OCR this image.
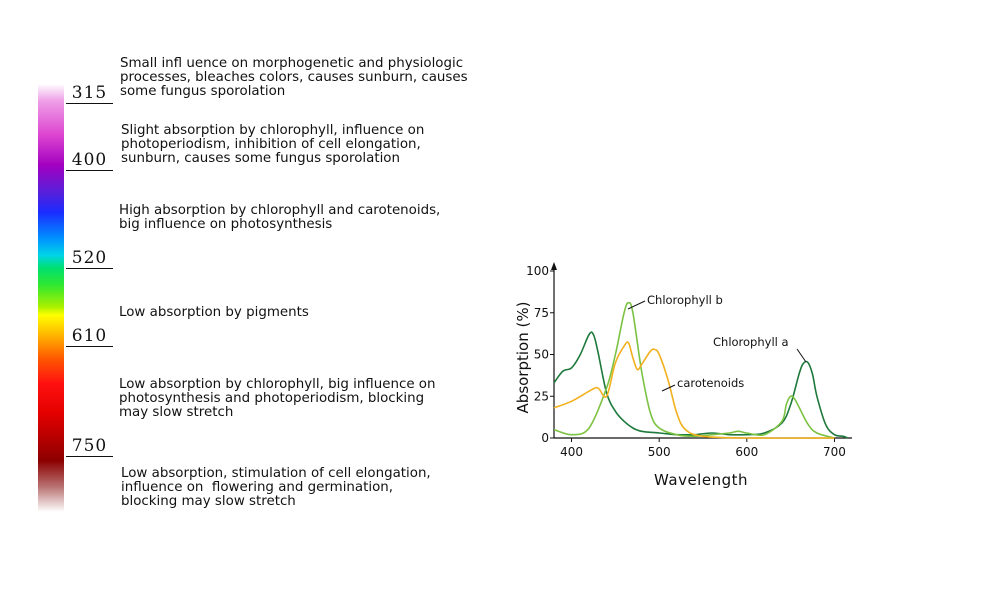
315
400
520
610
750

Small infl uence on morphogenetic and physiologic
processes, bleaches colors, causes sunburn, causes
some fungus sporolation

Slight absorption by chlorophyll, influence on
photoperiodism, inhibition of cell elongation,
sunburn, causes some fungus sporolation

High absorption by chlorophyll and carotenoids,
big influence on photosynthesis

Low absorption by pigments

Low absorption by chlorophyll, big influence on
photosynthesis and photoperiodism, blocking
may slow stretch

Low absorption, stimulation of cell elongation,
influence on  flowering and germination,
blocking may slow stretch

0
25
50
75
100
400	500	600	700
Wavelength
Absorption (%)	Chlorophyll a
Chlorophyll b
carotenoids
